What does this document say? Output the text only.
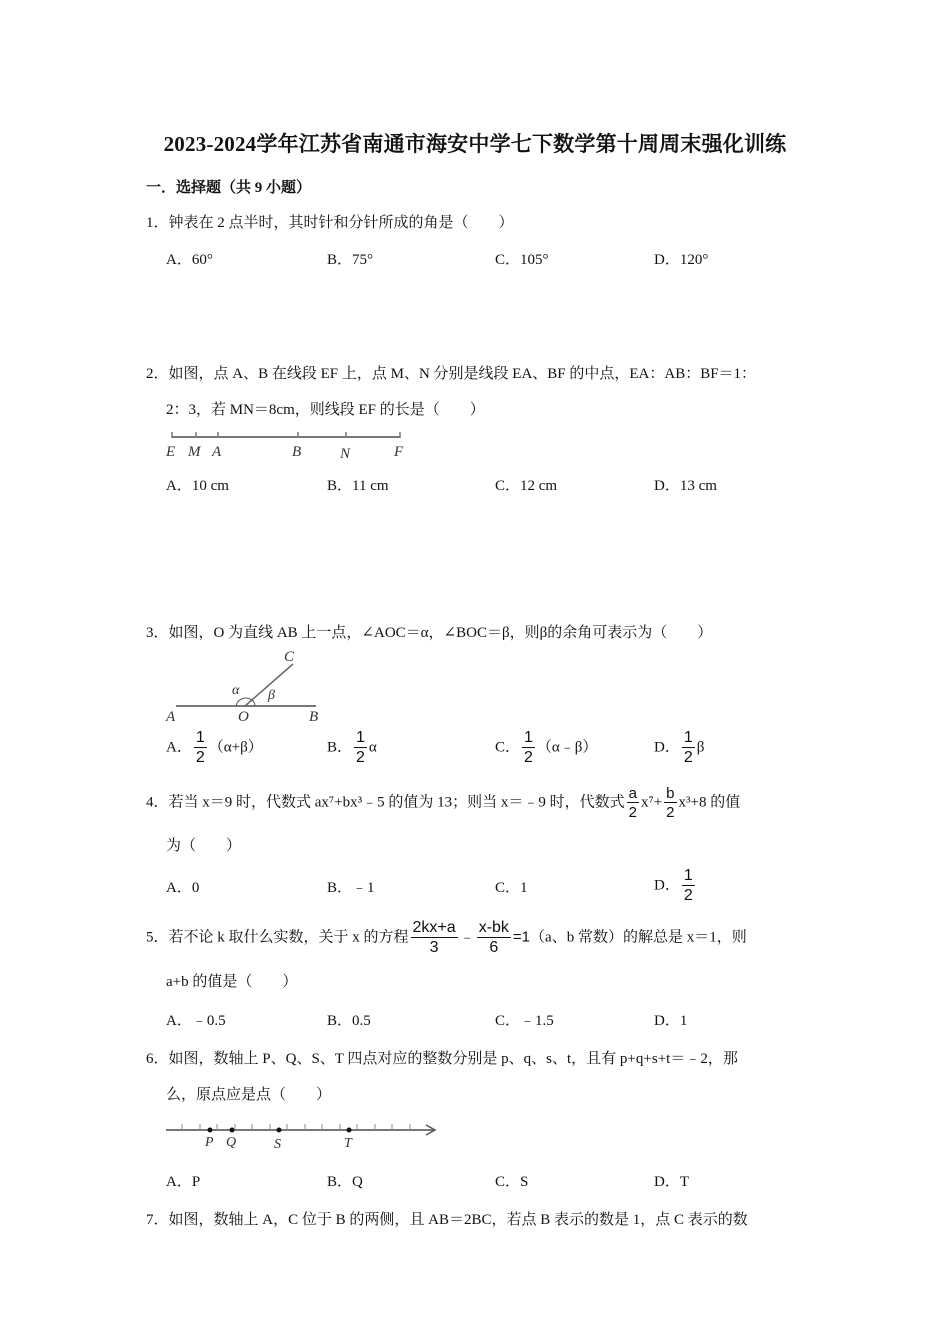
2023-2024学年江苏省南通市海安中学七下数学第十周周末强化训练
一．选择题（共 9 小题）
1．钟表在 2 点半时，其时针和分针所成的角是（　　）
A．60°	B．75°	C．105°	D．120°
2．如图，点 A、B 在线段 EF 上，点 M、N 分别是线段 EA、BF 的中点，EA：AB：BF＝1：
2：3，若 MN＝8cm，则线段 EF 的长是（　　）
E M A	B	N	F
A．10 cm	B．11 cm	C．12 cm	D．13 cm
3．如图，O 为直线 AB 上一点，∠AOC＝α，∠BOC＝β，则β的余角可表示为（　　）
A	O	B
C
α β
A． $\frac{1}{2} (\alpha+\beta)$	B． $\frac{1}{2}$ α	C． $\frac{1}{2}$ （α﹣β）	D． $\frac{1}{2}$ β
4．若当 x＝9 时，代数式 ax⁷+bx³﹣5 的值为 13；则当 x＝﹣9 时，代数式 $\frac{a}{2} x^7+ \frac{b}{2} x^3+8$ 的值
为（　　）
A．0	B．﹣1	C．1	D． $\frac{1}{2}$
5．若不论 k 取什么实数，关于 x 的方程 $\frac{2kx+a}{3}$ ﹣ $\frac{x-bk}{6} =1(a$、b 常数）的解总是 x＝1，则
a+b 的值是（　　）
A．﹣0.5	B．0.5	C．﹣1.5	D．1
6．如图，数轴上 P、Q、S、T 四点对应的整数分别是 p、q、s、t，且有 p+q+s+t＝﹣2，那
么，原点应是点（　　）
P Q	S	T
A．P	B．Q	C．S	D．T
7．如图，数轴上 A，C 位于 B 的两侧，且 AB＝2BC，若点 B 表示的数是 1，点 C 表示的数
